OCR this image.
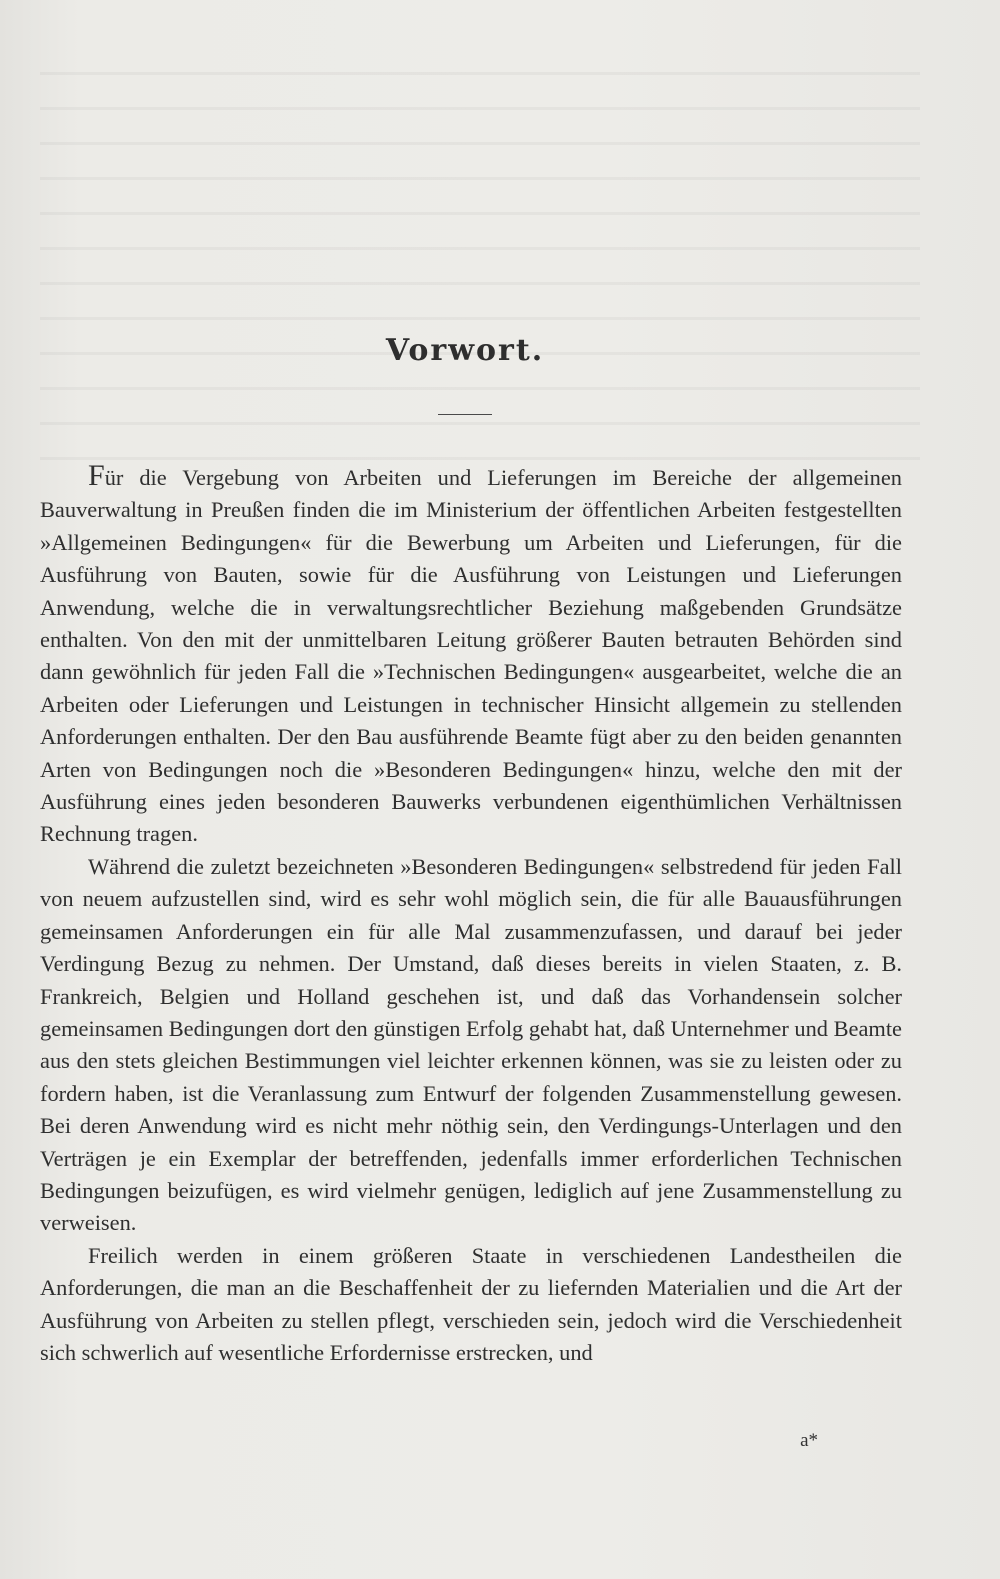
Vorwort.

Für die Vergebung von Arbeiten und Lieferungen im Bereiche der allgemeinen Bauverwaltung in Preußen finden die im Ministerium der öffentlichen Arbeiten festgestellten »Allgemeinen Bedingungen« für die Bewerbung um Arbeiten und Lieferungen, für die Ausführung von Bauten, sowie für die Ausführung von Leistungen und Lieferungen Anwendung, welche die in verwaltungsrechtlicher Beziehung maßgebenden Grundsätze enthalten. Von den mit der unmittelbaren Leitung größerer Bauten betrauten Behörden sind dann gewöhnlich für jeden Fall die »Technischen Bedingungen« ausgearbeitet, welche die an Arbeiten oder Lieferungen und Leistungen in technischer Hinsicht allgemein zu stellenden Anforderungen enthalten. Der den Bau ausführende Beamte fügt aber zu den beiden genannten Arten von Bedingungen noch die »Besonderen Bedingungen« hinzu, welche den mit der Ausführung eines jeden besonderen Bauwerks verbundenen eigenthümlichen Verhältnissen Rechnung tragen.

Während die zuletzt bezeichneten »Besonderen Bedingungen« selbstredend für jeden Fall von neuem aufzustellen sind, wird es sehr wohl möglich sein, die für alle Bauausführungen gemeinsamen Anforderungen ein für alle Mal zusammenzufassen, und darauf bei jeder Verdingung Bezug zu nehmen. Der Umstand, daß dieses bereits in vielen Staaten, z. B. Frankreich, Belgien und Holland geschehen ist, und daß das Vorhandensein solcher gemeinsamen Bedingungen dort den günstigen Erfolg gehabt hat, daß Unternehmer und Beamte aus den stets gleichen Bestimmungen viel leichter erkennen können, was sie zu leisten oder zu fordern haben, ist die Veranlassung zum Entwurf der folgenden Zusammenstellung gewesen. Bei deren Anwendung wird es nicht mehr nöthig sein, den Verdingungs-Unterlagen und den Verträgen je ein Exemplar der betreffenden, jedenfalls immer erforderlichen Technischen Bedingungen beizufügen, es wird vielmehr genügen, lediglich auf jene Zusammenstellung zu verweisen.

Freilich werden in einem größeren Staate in verschiedenen Landestheilen die Anforderungen, die man an die Beschaffenheit der zu liefernden Materialien und die Art der Ausführung von Arbeiten zu stellen pflegt, verschieden sein, jedoch wird die Verschiedenheit sich schwerlich auf wesentliche Erfordernisse erstrecken, und

a*
